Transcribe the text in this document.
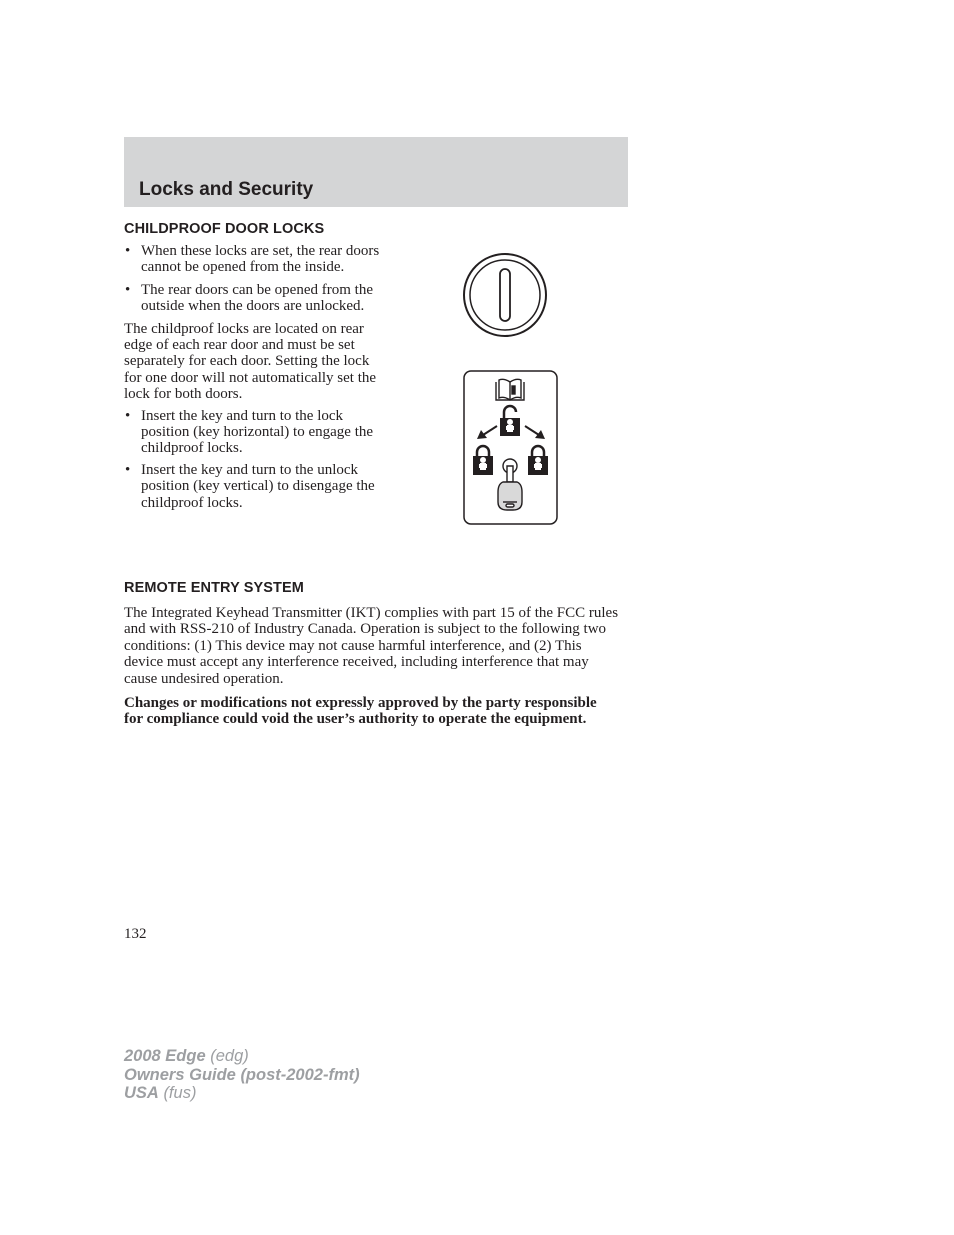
Locks and Security
CHILDPROOF DOOR LOCKS

• When these locks are set, the rear doors cannot be opened from the inside.

• The rear doors can be opened from the outside when the doors are unlocked.

The childproof locks are located on rear edge of each rear door and must be set separately for each door. Setting the lock for one door will not automatically set the lock for both doors.

• Insert the key and turn to the lock position (key horizontal) to engage the childproof locks.

• Insert the key and turn to the unlock position (key vertical) to disengage the childproof locks.

REMOTE ENTRY SYSTEM

The Integrated Keyhead Transmitter (IKT) complies with part 15 of the FCC rules and with RSS-210 of Industry Canada. Operation is subject to the following two conditions: (1) This device may not cause harmful interference, and (2) This device must accept any interference received, including interference that may cause undesired operation.

Changes or modifications not expressly approved by the party responsible for compliance could void the user’s authority to operate the equipment.

132
2008 Edge (edg)
Owners Guide (post-2002-fmt)
USA (fus)
